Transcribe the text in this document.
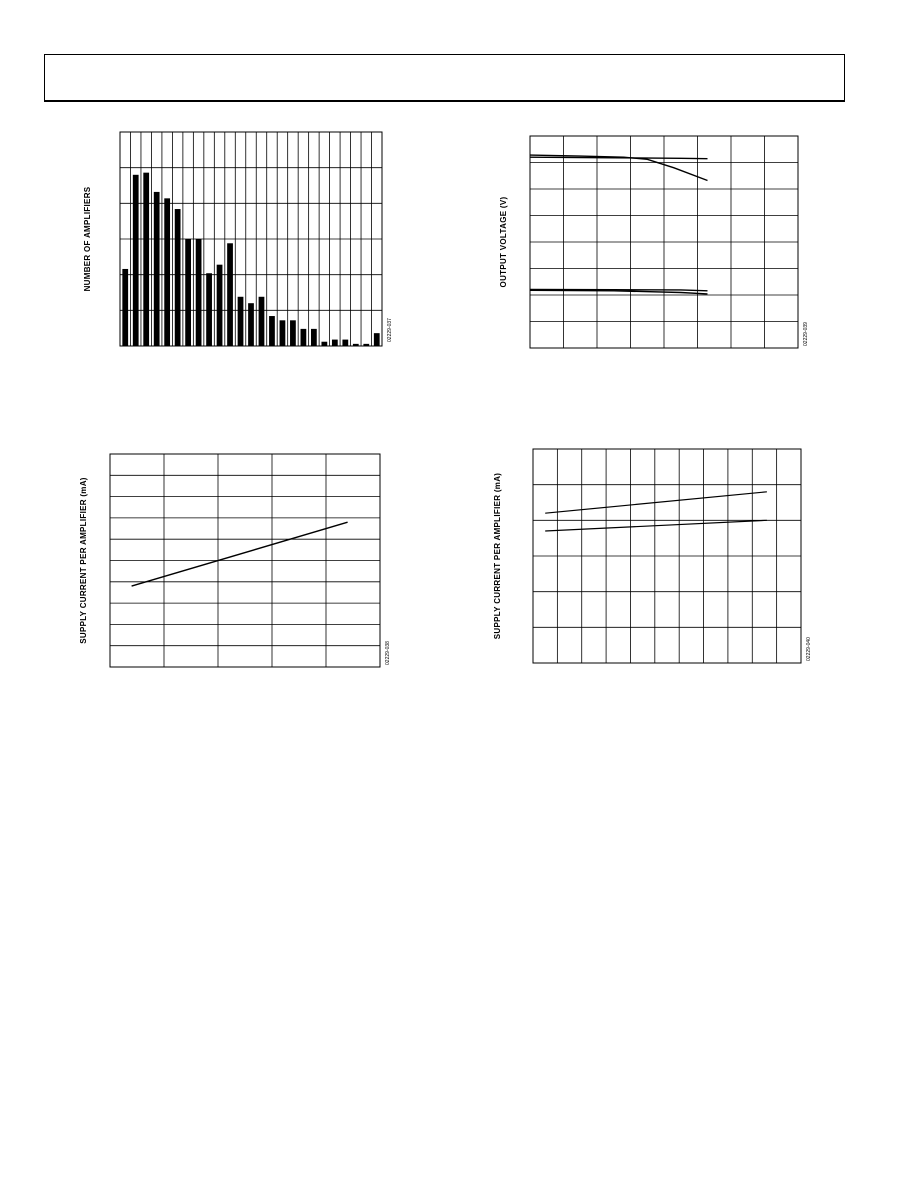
NUMBER OF AMPLIFIERS
02229-037
OUTPUT VOLTAGE (V)
02229-039
SUPPLY CURRENT PER AMPLIFIER (mA)
02229-038
SUPPLY CURRENT PER AMPLIFIER (mA)
02229-040
